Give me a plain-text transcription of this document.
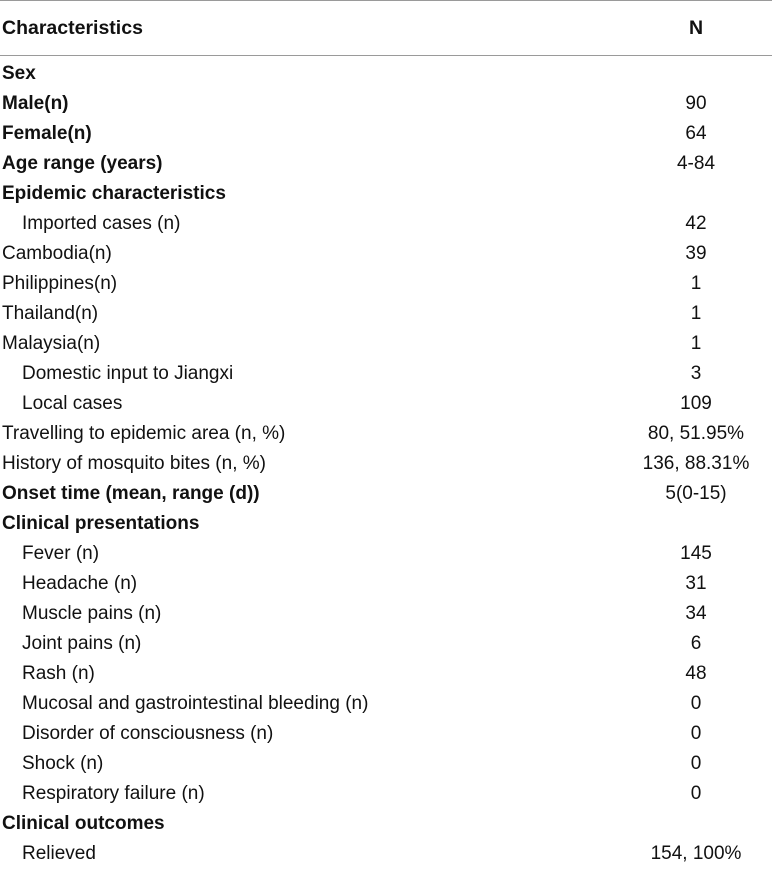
Characteristics	N
Sex	
Male(n)	90
Female(n)	64
Age range (years)	4-84
Epidemic characteristics	
Imported cases (n)	42
Cambodia(n)	39
Philippines(n)	1
Thailand(n)	1
Malaysia(n)	1
Domestic input to Jiangxi	3
Local cases	109
Travelling to epidemic area (n, %)	80, 51.95%
History of mosquito bites (n, %)	136, 88.31%
Onset time (mean, range (d))	5(0-15)
Clinical presentations	
Fever (n)	145
Headache (n)	31
Muscle pains (n)	34
Joint pains (n)	6
Rash (n)	48
Mucosal and gastrointestinal bleeding (n)	0
Disorder of consciousness (n)	0
Shock (n)	0
Respiratory failure (n)	0
Clinical outcomes	
Relieved	154, 100%
